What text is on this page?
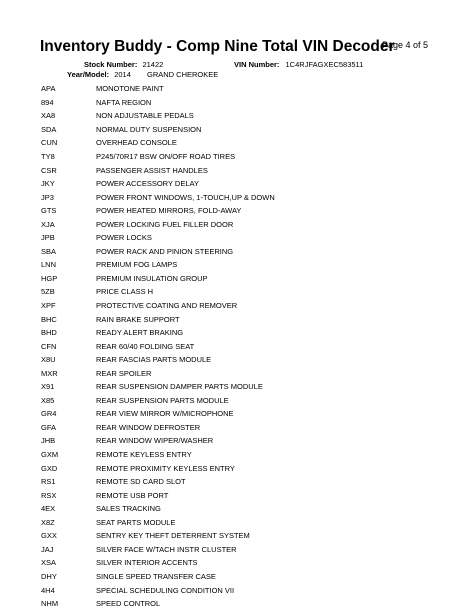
Inventory Buddy - Comp Nine Total VIN Decoder
Page 4 of 5
Stock Number: 21422	VIN Number: 1C4RJFAGXEC583511
Year/Model: 2014 GRAND CHEROKEE
APA	MONOTONE PAINT
894	NAFTA REGION
XA8	NON ADJUSTABLE PEDALS
SDA	NORMAL DUTY SUSPENSION
CUN	OVERHEAD CONSOLE
TY8	P245/70R17 BSW ON/OFF ROAD TIRES
CSR	PASSENGER ASSIST HANDLES
JKY	POWER ACCESSORY DELAY
JP3	POWER FRONT WINDOWS, 1-TOUCH,UP & DOWN
GTS	POWER HEATED MIRRORS, FOLD-AWAY
XJA	POWER LOCKING FUEL FILLER DOOR
JPB	POWER LOCKS
SBA	POWER RACK AND PINION STEERING
LNN	PREMIUM FOG LAMPS
HGP	PREMIUM INSULATION GROUP
5ZB	PRICE CLASS H
XPF	PROTECTIVE COATING AND REMOVER
BHC	RAIN BRAKE SUPPORT
BHD	READY ALERT BRAKING
CFN	REAR 60/40 FOLDING SEAT
X8U	REAR FASCIAS PARTS MODULE
MXR	REAR SPOILER
X91	REAR SUSPENSION DAMPER PARTS MODULE
X85	REAR SUSPENSION PARTS MODULE
GR4	REAR VIEW MIRROR W/MICROPHONE
GFA	REAR WINDOW DEFROSTER
JHB	REAR WINDOW WIPER/WASHER
GXM	REMOTE KEYLESS ENTRY
GXD	REMOTE PROXIMITY KEYLESS ENTRY
RS1	REMOTE SD CARD SLOT
RSX	REMOTE USB PORT
4EX	SALES TRACKING
X8Z	SEAT PARTS MODULE
GXX	SENTRY KEY THEFT DETERRENT SYSTEM
JAJ	SILVER FACE W/TACH INSTR CLUSTER
XSA	SILVER INTERIOR ACCENTS
DHY	SINGLE SPEED TRANSFER CASE
4H4	SPECIAL SCHEDULING CONDITION VII
NHM	SPEED CONTROL
